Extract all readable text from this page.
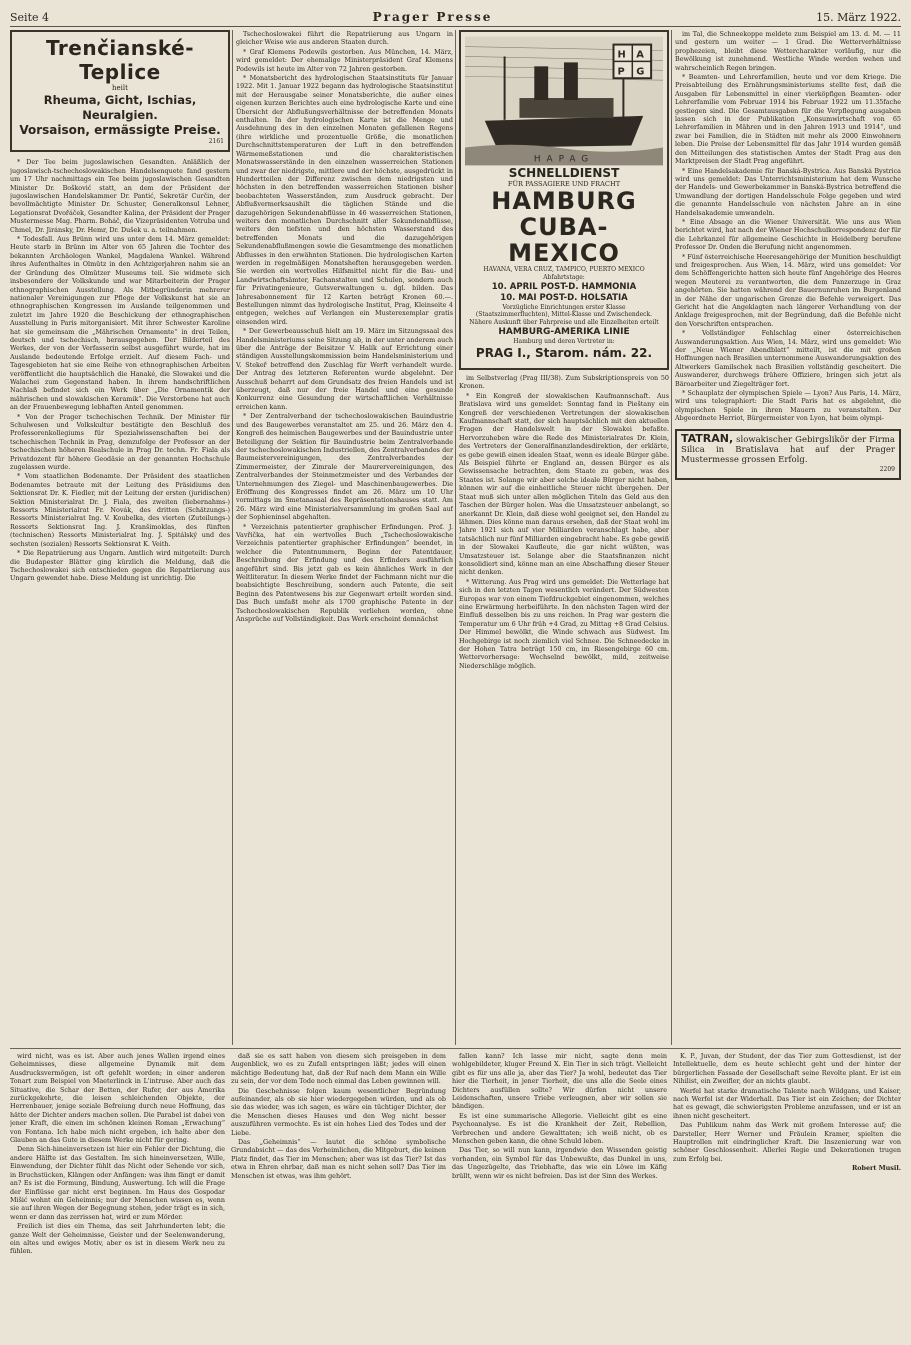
Seite 4	Prager Presse	15. März 1922.
Trenčianské-Teplice
heilt
Rheuma, Gicht, Ischias, Neuralgien.
Vorsaison, ermässigte Preise.
2161

* Der Tee beim jugoslawischen Gesandten. Anläßlich der jugoslawisch-tschechoslowakischen Handelsenquete fand gestern um 17 Uhr nachmittags ein Tee beim jugoslawischen Gesandten Minister Dr. Bošković statt, an dem der Präsident der jugoslawischen Handelskammer Dr. Pantić, Sekretär Curčin, der bevollmächtigte Minister Dr. Schuster, Generalkonsul Lehner, Legationsrat Dvořáček, Gesandter Kalina, der Präsident der Prager Mustermesse Mag. Pharm. Boháč, die Vizepräsidenten Votruba und Chmel, Dr. Jiránsky, Dr. Hemr, Dr. Dušek u. a. teilnahmen.

* Todesfall. Aus Brünn wird uns unter dem 14. März gemeldet: Heute starb in Brünn im Alter von 65 Jahren die Tochter des bekannten Archäologen Wankel, Magdalena Wankel. Während ihres Aufenthaltes in Olmütz in den Achtzigerjahren nahm sie an der Gründung des Olmützer Museums teil. Sie widmete sich insbesondere der Volkskunde und war Mitarbeiterin der Prager ethnographischen Ausstellung. Als Mitbegründerin mehrerer nationaler Vereinigungen zur Pflege der Volkskunst hat sie an ethnographischen Kongressen im Auslande teilgenommen und zuletzt im Jahre 1920 die Beschickung der ethnographischen Ausstellung in Paris mitorganisiert. Mit ihrer Schwester Karoline hat sie gemeinsam die „Mährischen Ornamente“ in drei Teilen, deutsch und tschechisch, herausgegeben. Der Bilderteil des Werkes, der von der Verfasserin selbst ausgeführt wurde, hat im Auslande bedeutende Erfolge erzielt. Auf diesem Fach- und Tagesgebieten hat sie eine Reihe von ethnographischen Arbeiten veröffentlicht die hauptsächlich die Hanaké, die Slowakei und die Walachei zum Gegenstand haben. In ihrem handschriftlichen Nachlaß befindet sich ein Werk über „Die Ornamentik der mährischen und slowakischen Keramik“. Die Verstorbene hat auch an der Frauenbewegung lebhaften Anteil genommen.

* Von der Prager tschechischen Technik. Der Minister für Schulwesen und Volkskultur bestätigte den Beschluß des Professorenkollegiums für Spezialwissenschaften bei der tschechischen Technik in Prag, demzufolge der Professor an der tschechischen höheren Realschule in Prag Dr. techn. Fr. Fiala als Privatdozent für höhere Geodäsie an der genannten Hochschule zugelassen wurde.

* Vom staatlichen Bodenamte. Der Präsident des staatlichen Bodenamtes betraute mit der Leitung des Präsidiums den Sektionsrat Dr. K. Fiedler, mit der Leitung der ersten (juridischen) Sektion Ministerialrat Dr. J. Fiala, des zweiten (liebernahms-) Ressorts Ministerialrat Fr. Novák, des dritten (Schätzungs-) Ressorts Ministerialrat Ing. V. Koubelka, des vierten (Zuteilungs-) Ressorts Sektionsrat Ing. J. Kranšimoklas, des fünften (technischen) Ressorts Ministerialrat Ing. J. Spitálský und des sechsten (sozialen) Ressorts Sektionsrat K. Veith.

* Die Repatriierung aus Ungarn. Amtlich wird mitgeteilt: Durch die Budapester Blätter ging kürzlich die Meldung, daß die Tschechoslowakei sich entschieden gegen die Repatriierung aus Ungarn gewendet habe. Diese Meldung ist unrichtig. Die

Tschechoslowakei führt die Repatriierung aus Ungarn in gleicher Weise wie aus anderen Staaten durch.

* Graf Klemens Podewils gestorben. Aus München, 14. März, wird gemeldet: Der ehemalige Ministerpräsident Graf Klemens Podewils ist heute im Alter von 72 Jahren gestorben.

* Monatsbericht des hydrologischen Staatsinstituts für Januar 1922. Mit 1. Januar 1922 begann das hydrologische Staatsinstitut mit der Herausgabe seiner Monatsberichte, die außer eines eigenen kurzen Berichtes auch eine hydrologische Karte und eine Übersicht der Abflußungsverhältnisse der betreffenden Monats enthalten. In der hydrologischen Karte ist die Menge und Ausdehnung des in den einzelnen Monaten gefallenen Regens (ihre wirkliche und prozentuelle Größe, die monatlichen Durchschnittstemperaturen der Luft in den betreffenden Wärmemeßstationen und die charakteristischen Monatswasserstände in den einzelnen wasserreichen Stationen und zwar der niedrigste, mittlere und der höchste, ausgedrückt in Hundertteilen der Differenz zwischen dem niedrigsten und höchsten in den betreffenden wasserreichen Stationen bisher beobachteten Wasserständen, zum Ausdruck gebracht. Der Abflußvermerksaushilt die täglichen Stände und die dazugehörigen Sekundenabflüsse in 46 wasserreichen Stationen, weiters den monatlichen Durchschnitt aller Sekundenabflüsse, weiters den tiefsten und den höchsten Wasserstand des betreffenden Monats und die dazugehörigen Sekundenabflußmengen sowie die Gesamtmenge des monatlichen Abflusses in den erwähnten Stationen. Die hydrologischen Karten werden in regelmäßigen Monatsheften herausgegeben werden. Sie werden ein wertvolles Hilfsmittel nicht für die Bau- und Landwirtschaftsämter, Fachanstalten und Schulen, sondern auch für Privatingenieure, Gutsverwaltungen u. dgl. bilden. Das Jahresabonnement für 12 Karten beträgt Kronen 60.—. Bestellungen nimmt das hydrologische Institut, Prag, Kleinseite 4 entgegen, welches auf Verlangen ein Musterexemplar gratis einsenden wird.

* Der Gewerbeausschuß hielt am 19. März im Sitzungssaal des Handelsministeriums seine Sitzung ab, in der unter anderem auch über die Anträge der Beisitzer V. Halík auf Errichtung einer ständigen Ausstellungskommission beim Handelsministerium und V. Stekeř betreffend den Zuschlag für Werft verhandelt wurde. Der Antrag des letzteren Referenten wurde abgelehnt. Der Ausschuß beharrt auf dem Grundsatz des freien Handels und ist überzeugt, daß nur der freie Handel und eine gesunde Konkurrenz eine Gesundung der wirtschaftlichen Verhältnisse erreichen kann.

* Der Zentralverband der tschechoslowakischen Bauindustrie und des Baugewerbes veranstaltet am 25. und 26. März den 4. Kongreß des heimischen Baugewerbes und der Bauindustrie unter Beteiligung der Sektion für Bauindustrie beim Zentralverbande der tschechoslowakischen Industriellen, des Zentralverbandes der Baumeistervereinigungen, des Zentralverbandes der Zimmermeister, der Zimrale der Maurervereinigungen, des Zentralverbandes der Steinmetzmeister und des Verbandes der Unternehmungen des Ziegel- und Maschinenbaugewerbes. Die Eröffnung des Kongresses findet am 26. März um 10 Uhr vormittags im Smetanasaal des Repräsentationshauses statt. Am 26. März wird eine Ministerialversammlung im großen Saal auf der Sophieninsel abgehalten.

* Verzeichnis patentierter graphischer Erfindungen. Prof. J. Vavřička, hat ein wertvolles Buch „Tschechoslowakische Verzeichnis patentierter graphischer Erfindungen“ beendet, in welcher die Patentnummern, Beginn der Patentdauer, Beschreibung der Erfindung und des Erfinders ausführlich angeführt sind. Bis jetzt gab es kein ähnliches Werk in der Weltliteratur. In diesem Werke findet der Fachmann nicht nur die beabsichtigte Beschreibung, sondern auch Patente, die seit Beginn des Patentwesens bis zur Gegenwart erteilt worden sind. Das Buch umfaßt mehr als 1700 graphische Patente in der Tschechoslowakischen Republik verliehen worden, ohne Ansprüche auf Vollständigkeit. Das Werk erscheint demnächst

H A
P G
HAPAG
SCHNELLDIENST
FÜR PASSAGIERE UND FRACHT
HAMBURG
CUBA-MEXICO
HAVANA, VERA CRUZ, TAMPICO, PUERTO MEXICO
Abfahrtstage:
10. APRIL POST-D. HAMMONIA
10. MAI POST-D. HOLSATIA
Vorzügliche Einrichtungen erster Klasse (Staatszimmerfluchten), Mittel-Klasse und Zwischendeck.
Nähere Auskunft über Fahrpreise und alle Einzelheiten erteilt
HAMBURG-AMERIKA LINIE
Hamburg und deren Vertreter in:
PRAG I., Starom. nám. 22.

im Selbstverlag (Prag III/38). Zum Subskriptionspreis von 50 Kronen.

* Ein Kongreß der slowakischen Kaufmannschaft. Aus Bratislava wird uns gemeldet: Sonntag fand in Pieštany ein Kongreß der verschiedenen Vertretungen der slowakischen Kaufmannschaft statt, der sich hauptsächlich mit den aktuellen Fragen der Handelswelt in der Slowakei befaßte. Hervorzuheben wäre die Rede des Ministerialrates Dr. Klein, des Vertreters der Generalfinanzlandesdirektion, der erklärte, es gebe gewiß einen idealen Staat, wenn es ideale Bürger gäbe. Als Beispiel führte er England an, dessen Bürger es als Gewissensache betrachten, dem Staate zu geben, was des Staates ist. Solange wir aber solche ideale Bürger nicht haben, können wir auf die einheitliche Steuer nicht übergehen. Der Staat muß sich unter allen möglichen Titeln das Geld aus den Taschen der Bürger holen. Was die Umsatzsteuer anbelangt, so anerkannt Dr. Klein, daß diese wohl geeignet sei, den Handel zu lähmen. Dies könne man daraus ersehen, daß der Staat wohl im Jahre 1921 sich auf vier Milliarden veranschlagt habe, aber tatsächlich nur fünf Milliarden eingebracht habe. Es gebe gewiß in der Slowakei Kaufleute, die gar nicht wüßten, was Umsatzsteuer ist. Solange aber die Staatsfinanzen nicht konsolidiert sind, könne man an eine Abschaffung dieser Steuer nicht denken.

* Witterung. Aus Prag wird uns gemeldet: Die Wetterlage hat sich in den letzten Tagen wesentlich verändert. Der Südwesten Europas war von einem Tiefdruckgebiet eingenommen, welches eine Erwärmung herbeiführte. In den nächsten Tagen wird der Einfluß desselben bis zu uns reichen. In Prag war gestern die Temperatur um 6 Uhr früh +4 Grad, zu Mittag +8 Grad Celsius. Der Himmel bewölkt, die Winde schwach aus Südwest. Im Hochgebirge ist noch ziemlich viel Schnee. Die Schneedecke in der Hohen Tatra beträgt 150 cm, im Riesengebirge 60 cm. Wettervorhersage: Wechselnd bewölkt, mild, zeitweise Niederschläge möglich.

im Tal, die Schneekoppe meldete zum Beispiel am 13. d. M. — 11 und gestern um weiter — 1 Grad. Die Wetterverhältnisse prophezeien, bleibt diese Wettercharakter vorläufig, nur die Bewölkung ist zunehmend. Westliche Winde werden wehen und wahrscheinlich Regen bringen.

* Beamten- und Lehrerfamilien, heute und vor dem Kriege. Die Preisabteilung des Ernährungsministeriums stellte fest, daß die Ausgaben für Lebensmittel in einer vierköpfigen Beamten- oder Lehrerfamilie vom Februar 1914 bis Februar 1922 um 11.35fache gestiegen sind. Die Gesamtausgaben für die Verpflegung ausgaben lassen sich in der Publikation „Konsumwirtschaft von 65 Lehrerfamilien in Mähren und in den Jahren 1913 und 1914“, und zwar bei Familien, die in Städten mit mehr als 2000 Einwohnern leben. Die Preise der Lebensmittel für das Jahr 1914 wurden gemäß den Mitteilungen des statistischen Amtes der Stadt Prag aus den Marktpreisen der Stadt Prag angeführt.

* Eine Handelsakademie für Banská-Bystrica. Aus Banská Bystrica wird uns gemeldet: Das Unterrichtsministerium hat dem Wunsche der Handels- und Gewerbekammer in Banská-Bystrica betreffend die Umwandlung der dortigen Handelsschule Folge gegeben und wird die genannte Handelsschule von nächsten Jahre an in eine Handelsakademie umwandeln.

* Eine Absage an die Wiener Universität. Wie uns aus Wien berichtet wird, hat nach der Wiener Hochschulkorrespondenz der für die Lehrkanzel für allgemeine Geschichte in Heidelberg berufene Professor Dr. Onden die Berufung nicht angenommen.

* Fünf österreichische Heeresangehörige der Munition beschuldigt und freigesprochen. Aus Wien, 14. März, wird uns gemeldet: Vor dem Schöffengerichte hatten sich heute fünf Angehörige des Heeres wegen Meuterei zu verantworten, die dem Panzerzuge in Graz angehörten. Sie hatten während der Bauernunruhen im Burgenland in der Nähe der ungarischen Grenze die Befehle verweigert. Das Gericht hat die Angeklagten nach längerer Verhandlung von der Anklage freigesprochen, mit der Begründung, daß die Befehle nicht den Vorschriften entsprachen.

* Vollständiger Fehlschlag einer österreichischen Auswanderungsaktion. Aus Wien, 14. März, wird uns gemeldet: Wie der „Neue Wiener Abendblatt“ mitteilt, ist die mit großen Hoffnungen nach Brasilien unternommene Auswanderungsaktion des Altwerkers Gamilschek nach Brasilien vollständig gescheitert. Die Auswanderer, durchwegs frühere Offiziere, bringen sich jetzt als Bäroarbeiter und Ziegelträger fort.

* Schauplatz der olympischen Spiele — Lyon? Aus Paris, 14. März, wird uns telegraphiert: Die Stadt Paris hat es abgelehnt, die olympischen Spiele in ihren Mauern zu veranstalten. Der Abgeordnete Herriot, Bürgermeister von Lyon, hat beim olympi-

TATRAN, slowakischer Gebirgslikör der Firma Silica in Bratislava hat auf der Prager Mustermesse grossen Erfolg.
2209

wird nicht, was es ist. Aber auch jenes Wallen irgend eines Geheimnisses, diese allgemeine Dynamik mit dem Ausdrucksvermögen, ist oft gefehlt worden; in einer anderen Tonart zum Beispiel von Maeterlinck in L'intruse. Aber auch das Situative, die Schar der Betten, der Rufer, der aus Amerika zurückgekehrte, die leisen schleichenden Objekte, der Herrenbauer, jenige soziale Befreiung durch neue Hoffnung, das hätte der Dichter anders machen sollen. Die Parabel ist dabei von jener Kraft, die einen im schönen kleinen Roman „Erwachung“ von Fontana. Ich habe mich nicht ergeben, ich halte aber den Glauben an das Gute in diesem Werke nicht für gering.

Denn Sich-hineinversetzen ist hier ein Fehler der Dichtung, die andere Hälfte ist das Gestalten. Im sich hineinversetzen, Wille, Einwendung, der Dichter fühlt das Nicht oder Sehende vor sich, in Bruchstücken, Klängen oder Anfängen: was ihm fängt er damit an? Es ist die Formung, Bindung, Auswertung. Ich will die Frage der Einflüsse gar nicht erst beginnen. Im Haus des Gospodar Mišić wohnt ein Geheimnis; nur der Menschen wissen es, wenn sie auf ihren Wegen der Begegnung stehen, jeder trägt es in sich, wenn er dann das zerrissen hat, wird er zum Mörder.

Freilich ist dies ein Thema, das seit Jahrhunderten lebt; die ganze Welt der Geheimnisse, Geister und der Seelenwanderung, ein altes und ewiges Motiv, aber es ist in diesem Werk neu zu fühlen.

daß sie es satt haben von diesem sich preisgeben in dem Augenblick, wo es zu Zufall entspringen läßt; jedes will einen mächtige Bedeutung hat, daß der Ruf nach dem Mann ein Wille zu sein, der vor dem Tode noch einmal das Leben gewinnen will.

Die Geschehnisse folgen kaum wesentlicher Begründung aufeinander, als ob sie hier wiedergegeben würden, und als ob sie das wieder, was ich sagen, es wäre ein tüchtiger Dichter, der die Menschen dieses Hauses und den Weg nicht besser auszuführen vermochte. Es ist ein hohes Lied des Todes und der Liebe.

Das „Geheimnis“ — lautet die schöne symbolische Grundabsicht — das des Verheimlichen, die Mitgeburt, die keinen Platz findet, das Tier im Menschen; aber was ist das Tier? Ist das etwa in Ehren ehrbar, daß man es nicht sehen soll? Das Tier im Menschen ist etwas, was ihm gehört.

fallen kann? Ich lasse mir nicht, sagte denn mein wohlgebildeter, kluger Freund X. Ein Tier in sich trägt. Vielleicht gibt es für uns alle ja, aber das Tier? Ja wohl, bedeutet das Tier hier die Tierheit, in jener Tierheit, die uns alle die Seele eines Dichters ausfüllen sollte? Wir dürfen nicht unsere Leidenschaften, unsere Triebe verleugnen, aber wir sollen sie bändigen.

Es ist eine summarische Allegorie. Vielleicht gibt es eine Psychoanalyse. Es ist die Krankheit der Zeit, Rebellion, Verbrechen und andere Gewalttaten; ich weiß nicht, ob es Menschen geben kann, die ohne Schuld leben.

Das Tier, so will nun kann, irgendwie den Wissenden geistig vorhanden, ein Symbol für das Unbewußte, das Dunkel in uns, das Ungezügelte, das Triebhafte, das wie ein Löwe im Käfig brüllt, wenn wir es nicht befreien. Das ist der Sinn des Werkes.

K. P., Juvan, der Student, der das Tier zum Gottesdienst, ist der Intellektuelle, dem es heute schlecht geht und der hinter der bürgerlichen Fassade der Gesellschaft seine Revolte plant. Er ist ein Nihilist, ein Zweifler, der an nichts glaubt.

Werfel hat starke dramatische Talente nach Wildgans, und Kaiser, nach Werfel ist der Widerhall. Das Tier ist ein Zeichen; der Dichter hat es gewagt, die schwierigsten Probleme anzufassen, und er ist an ihnen nicht gescheitert.

Das Publikum nahm das Werk mit großem Interesse auf; die Darsteller, Herr Werner und Fräulein Kramer, spielten die Hauptrollen mit eindringlicher Kraft. Die Inszenierung war von schöner Geschlossenheit. Allerlei Regie und Dekorationen trugen zum Erfolg bei.

Robert Musil.
